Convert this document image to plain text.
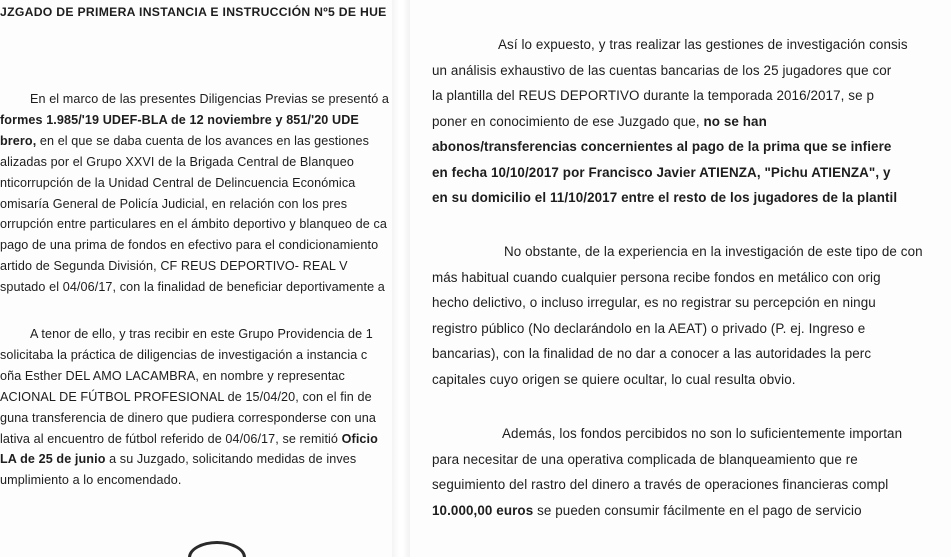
JZGADO DE PRIMERA INSTANCIA E INSTRUCCIÓN Nº5 DE HUE
En el marco de las presentes Diligencias Previas se presentó a
formes 1.985/'19 UDEF-BLA de 12 noviembre y 851/'20 UDE
brero, en el que se daba cuenta de los avances en las gestiones
alizadas por el Grupo XXVI de la Brigada Central de Blanqueo
nticorrupción de la Unidad Central de Delincuencia Económica
omisaría General de Policía Judicial, en relación con los pres
orrupción entre particulares en el ámbito deportivo y blanqueo de ca
pago de una prima de fondos en efectivo para el condicionamiento
artido de Segunda División, CF REUS DEPORTIVO- REAL V
sputado el 04/06/17, con la finalidad de beneficiar deportivamente a
A tenor de ello, y tras recibir en este Grupo Providencia de 1
solicitaba la práctica de diligencias de investigación a instancia c
oña Esther DEL AMO LACAMBRA, en nombre y representac
ACIONAL DE FÚTBOL PROFESIONAL de 15/04/20, con el fin de
guna transferencia de dinero que pudiera corresponderse con una
lativa al encuentro de fútbol referido de 04/06/17, se remitió Oficio
LA de 25 de junio a su Juzgado, solicitando medidas de inves
umplimiento a lo encomendado.
Así lo expuesto, y tras realizar las gestiones de investigación consis
un análisis exhaustivo de las cuentas bancarias de los 25 jugadores que cor
la plantilla del REUS DEPORTIVO durante la temporada 2016/2017, se p
poner en conocimiento de ese Juzgado que, no se han
abonos/transferencias concernientes al pago de la prima que se infiere
en fecha 10/10/2017 por Francisco Javier ATIENZA, "Pichu ATIENZA", y
en su domicilio el 11/10/2017 entre el resto de los jugadores de la plantil
No obstante, de la experiencia en la investigación de este tipo de con
más habitual cuando cualquier persona recibe fondos en metálico con orig
hecho delictivo, o incluso irregular, es no registrar su percepción en ningu
registro público (No declarándolo en la AEAT) o privado (P. ej. Ingreso e
bancarias), con la finalidad de no dar a conocer a las autoridades la perc
capitales cuyo origen se quiere ocultar, lo cual resulta obvio.
Además, los fondos percibidos no son lo suficientemente importan
para necesitar de una operativa complicada de blanqueamiento que re
seguimiento del rastro del dinero a través de operaciones financieras compl
10.000,00 euros se pueden consumir fácilmente en el pago de servicio
